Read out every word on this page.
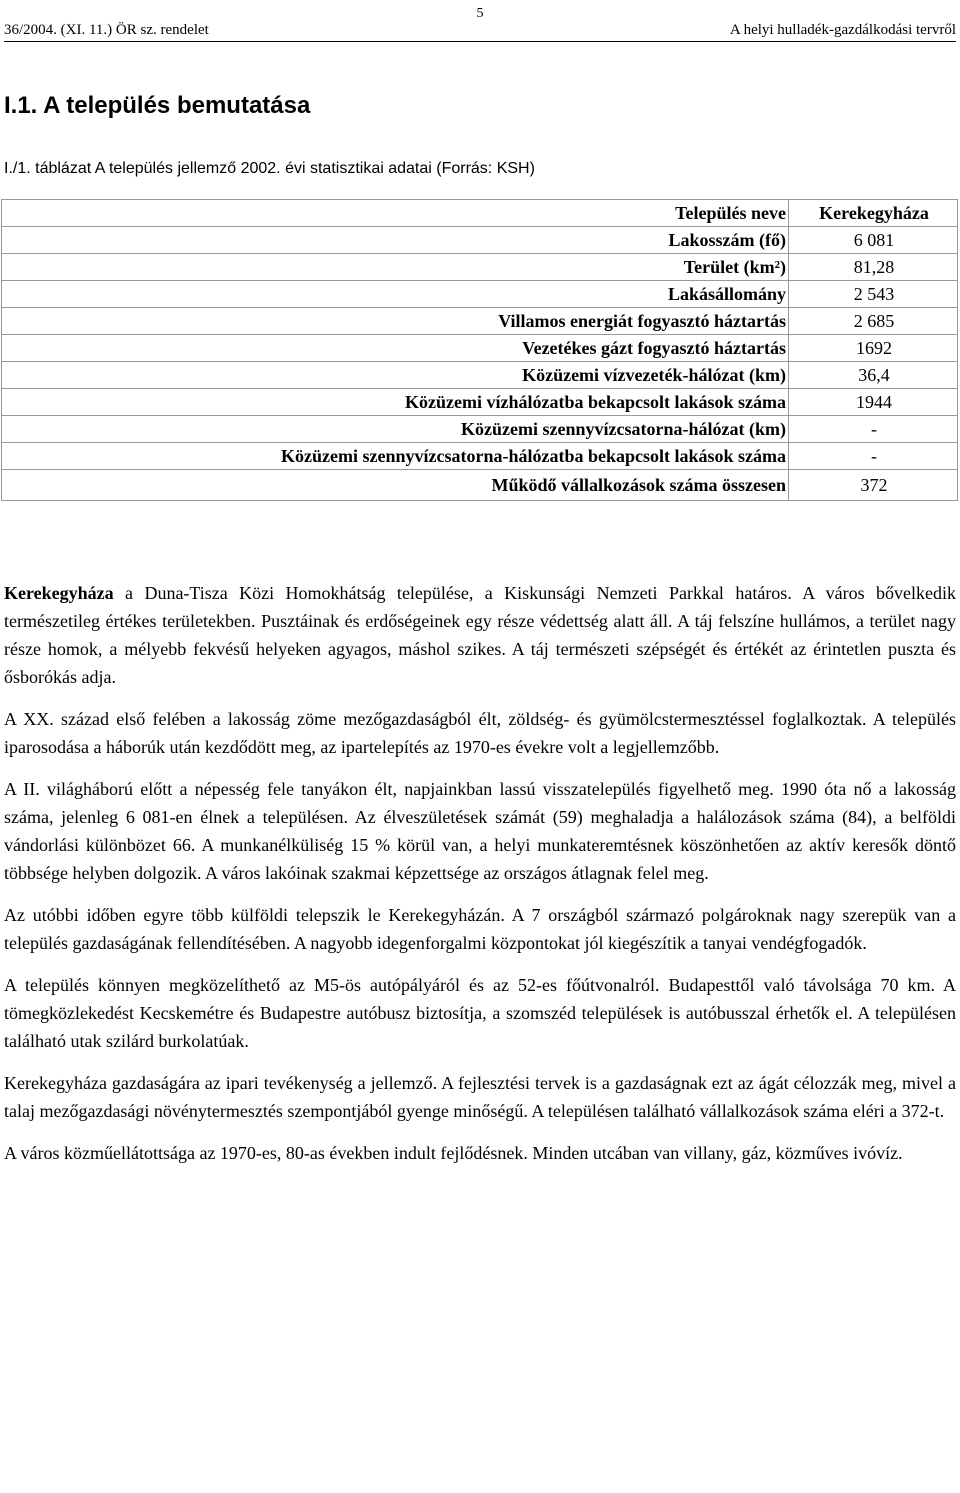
5
36/2004. (XI. 11.) ÖR sz. rendelet	A helyi hulladék-gazdálkodási tervről
I.1. A település bemutatása

I./1. táblázat A település jellemző 2002. évi statisztikai adatai (Forrás: KSH)

Település neve	Kerekegyháza
Lakosszám (fő)	6 081
Terület (km²)	81,28
Lakásállomány	2 543
Villamos energiát fogyasztó háztartás	2 685
Vezetékes gázt fogyasztó háztartás	1692
Közüzemi vízvezeték-hálózat (km)	36,4
Közüzemi vízhálózatba bekapcsolt lakások száma	1944
Közüzemi szennyvízcsatorna-hálózat (km)	-
Közüzemi szennyvízcsatorna-hálózatba bekapcsolt lakások száma	-
Működő vállalkozások száma összesen	372

Kerekegyháza a Duna-Tisza Közi Homokhátság települése, a Kiskunsági Nemzeti Parkkal határos. A város bővelkedik természetileg értékes területekben. Pusztáinak és erdőségeinek egy része védettség alatt áll. A táj felszíne hullámos, a terület nagy része homok, a mélyebb fekvésű helyeken agyagos, máshol szikes. A táj természeti szépségét és értékét az érintetlen puszta és ősborókás adja.

A XX. század első felében a lakosság zöme mezőgazdaságból élt, zöldség- és gyümölcstermesztéssel foglalkoztak. A település iparosodása a háborúk után kezdődött meg, az ipartelepítés az 1970-es évekre volt a legjellemzőbb.

A II. világháború előtt a népesség fele tanyákon élt, napjainkban lassú visszatelepülés figyelhető meg. 1990 óta nő a lakosság száma, jelenleg 6 081-en élnek a településen. Az élveszületések számát (59) meghaladja a halálozások száma (84), a belföldi vándorlási különbözet 66. A munkanélküliség 15 % körül van, a helyi munkateremtésnek köszönhetően az aktív keresők döntő többsége helyben dolgozik. A város lakóinak szakmai képzettsége az országos átlagnak felel meg.

Az utóbbi időben egyre több külföldi telepszik le Kerekegyházán. A 7 országból származó polgároknak nagy szerepük van a település gazdaságának fellendítésében. A nagyobb idegenforgalmi központokat jól kiegészítik a tanyai vendégfogadók.

A település könnyen megközelíthető az M5-ös autópályáról és az 52-es főútvonalról. Budapesttől való távolsága 70 km. A tömegközlekedést Kecskemétre és Budapestre autóbusz biztosítja, a szomszéd települések is autóbusszal érhetők el. A településen található utak szilárd burkolatúak.

Kerekegyháza gazdaságára az ipari tevékenység a jellemző. A fejlesztési tervek is a gazdaságnak ezt az ágát célozzák meg, mivel a talaj mezőgazdasági növénytermesztés szempontjából gyenge minőségű. A településen található vállalkozások száma eléri a 372-t.

A város közműellátottsága az 1970-es, 80-as években indult fejlődésnek. Minden utcában van villany, gáz, közműves ivóvíz.
